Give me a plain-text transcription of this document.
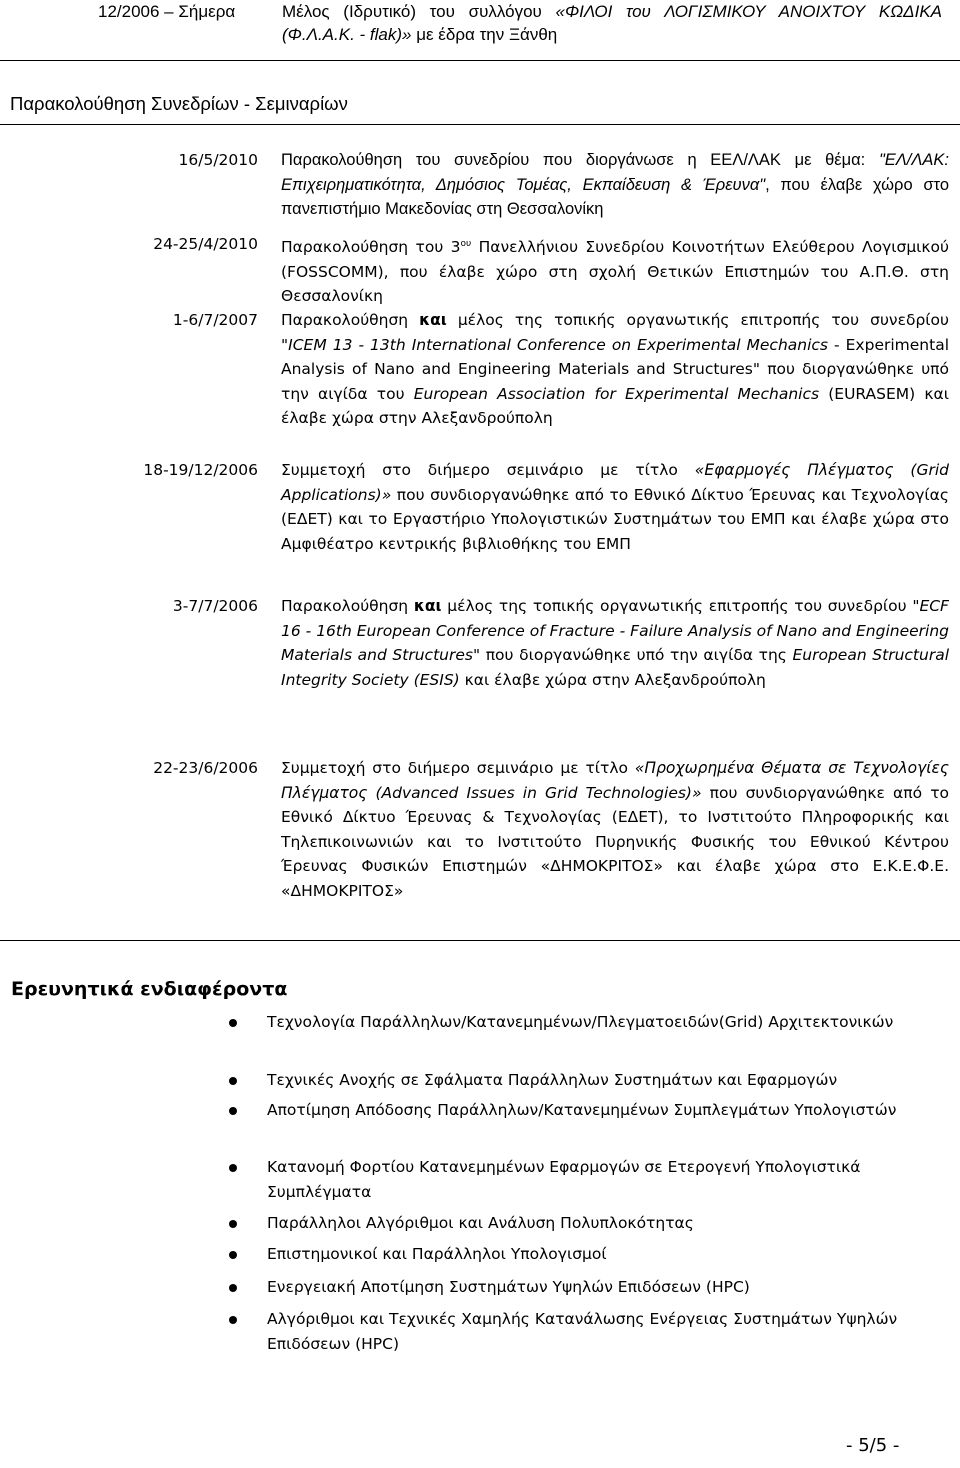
12/2006 – Σήμερα	Μέλος (Ιδρυτικό) του συλλόγου «ΦΙΛΟΙ του ΛΟΓΙΣΜΙΚΟΥ ΑΝΟΙΧΤΟΥ ΚΩΔΙΚΑ (Φ.Λ.Α.Κ. - flak)» με έδρα την Ξάνθη
Παρακολούθηση Συνεδρίων - Σεμιναρίων
16/5/2010 Παρακολούθηση του συνεδρίου που διοργάνωσε η ΕΕΛ/ΛΑΚ με θέμα: "ΕΛ/ΛΑΚ: Επιχειρηματικότητα, Δημόσιος Τομέας, Εκπαίδευση & Έρευνα", που έλαβε χώρο στο πανεπιστήμιο Μακεδονίας στη Θεσσαλονίκη
24-25/4/2010 Παρακολούθηση του $3^{o\upsilon}$ Πανελλήνιου Συνεδρίου Κοινοτήτων Ελεύθερου Λογισμικού (FOSSCOMM), που έλαβε χώρο στη σχολή Θετικών Επιστημών του Α.Π.Θ. στη Θεσσαλονίκη
1-6/7/2007 Παρακολούθηση και μέλος της τοπικής οργανωτικής επιτροπής του συνεδρίου "ICEM 13 - 13th International Conference on Experimental Mechanics - Experimental Analysis of Nano and Engineering Materials and Structures" που διοργανώθηκε υπό την αιγίδα του European Association for Experimental Mechanics (EURASEM) και έλαβε χώρα στην Αλεξανδρούπολη
18-19/12/2006 Συμμετοχή στο διήμερο σεμινάριο με τίτλο «Εφαρμογές Πλέγματος (Grid Applications)» που συνδιοργανώθηκε από το Εθνικό Δίκτυο Έρευνας και Τεχνολογίας (ΕΔΕΤ) και το Εργαστήριο Υπολογιστικών Συστημάτων του ΕΜΠ και έλαβε χώρα στο Αμφιθέατρο κεντρικής βιβλιοθήκης του ΕΜΠ
3-7/7/2006 Παρακολούθηση και μέλος της τοπικής οργανωτικής επιτροπής του συνεδρίου "ECF 16 - 16th European Conference of Fracture - Failure Analysis of Nano and Engineering Materials and Structures" που διοργανώθηκε υπό την αιγίδα της European Structural Integrity Society (ESIS) και έλαβε χώρα στην Αλεξανδρούπολη
22-23/6/2006 Συμμετοχή στο διήμερο σεμινάριο με τίτλο «Προχωρημένα Θέματα σε Τεχνολογίες Πλέγματος (Advanced Issues in Grid Technologies)» που συνδιοργανώθηκε από το Εθνικό Δίκτυο Έρευνας & Τεχνολογίας (ΕΔΕΤ), το Ινστιτούτο Πληροφορικής και Τηλεπικοινωνιών και το Ινστιτούτο Πυρηνικής Φυσικής του Εθνικού Κέντρου Έρευνας Φυσικών Επιστημών «ΔΗΜΟΚΡΙΤΟΣ» και έλαβε χώρα στο Ε.Κ.Ε.Φ.Ε. «ΔΗΜΟΚΡΙΤΟΣ»
Ερευνητικά ενδιαφέροντα
Τεχνολογία Παράλληλων/Κατανεμημένων/Πλεγματοειδών(Grid) Αρχιτεκτονικών
Τεχνικές Ανοχής σε Σφάλματα Παράλληλων Συστημάτων και Εφαρμογών
Αποτίμηση Απόδοσης Παράλληλων/Κατανεμημένων Συμπλεγμάτων Υπολογιστών
Κατανομή Φορτίου Κατανεμημένων Εφαρμογών σε Ετερογενή Υπολογιστικά Συμπλέγματα
Παράλληλοι Αλγόριθμοι και Ανάλυση Πολυπλοκότητας
Επιστημονικοί και Παράλληλοι Υπολογισμοί
Ενεργειακή Αποτίμηση Συστημάτων Υψηλών Επιδόσεων (HPC)
Αλγόριθμοι και Τεχνικές Χαμηλής Κατανάλωσης Ενέργειας Συστημάτων Υψηλών Επιδόσεων (HPC)
- 5/5 -
